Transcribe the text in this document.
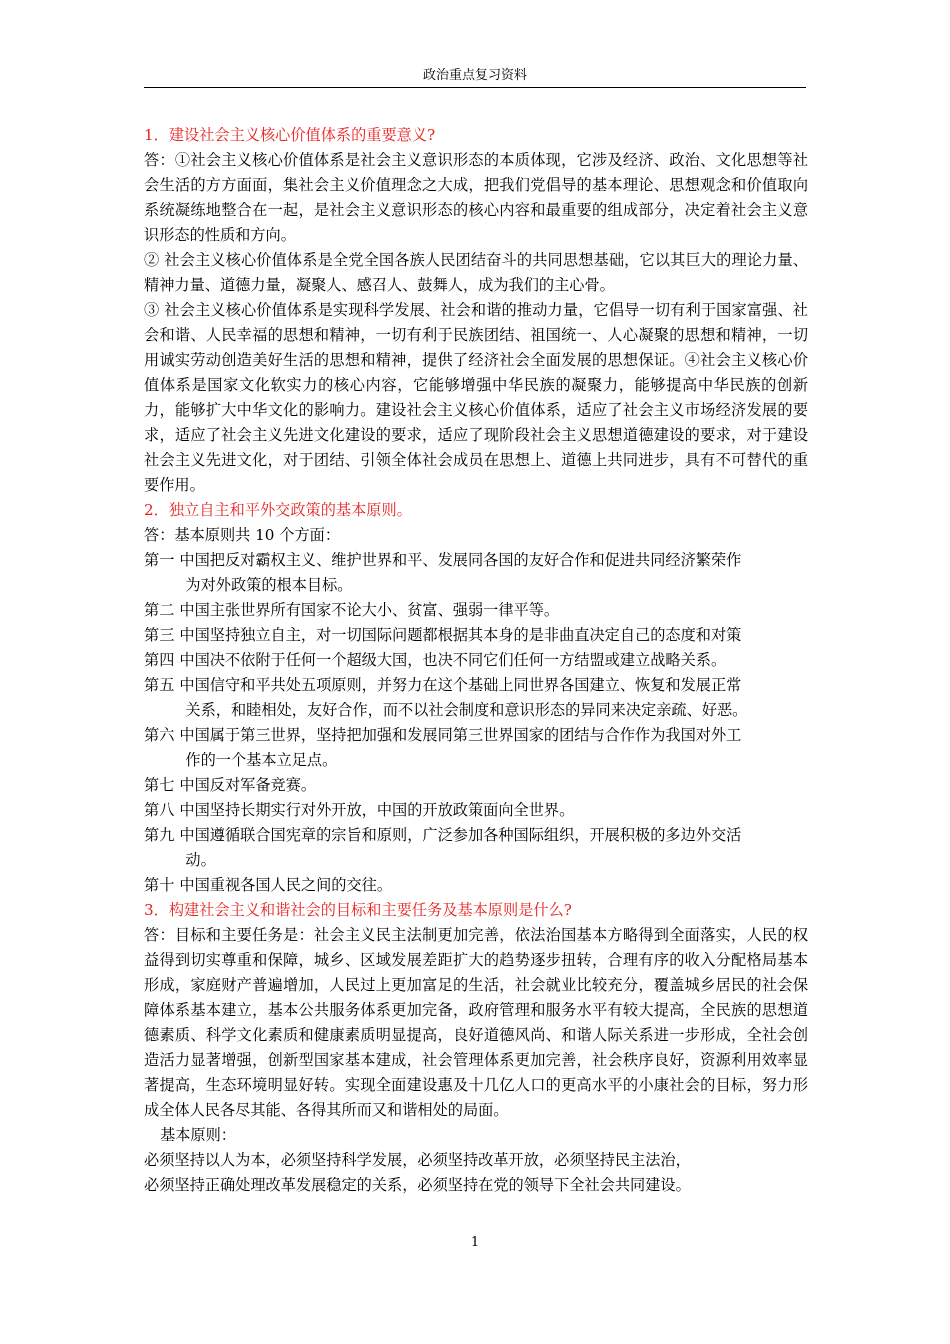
政治重点复习资料

1．建设社会主义核心价值体系的重要意义?

答：①社会主义核心价值体系是社会主义意识形态的本质体现，它涉及经济、政治、文化思想等社会生活的方方面面，集社会主义价值理念之大成，把我们党倡导的基本理论、思想观念和价值取向系统凝练地整合在一起，是社会主义意识形态的核心内容和最重要的组成部分，决定着社会主义意识形态的性质和方向。

② 社会主义核心价值体系是全党全国各族人民团结奋斗的共同思想基础，它以其巨大的理论力量、精神力量、道德力量，凝聚人、感召人、鼓舞人，成为我们的主心骨。

③ 社会主义核心价值体系是实现科学发展、社会和谐的推动力量，它倡导一切有利于国家富强、社会和谐、人民幸福的思想和精神，一切有利于民族团结、祖国统一、人心凝聚的思想和精神，一切用诚实劳动创造美好生活的思想和精神，提供了经济社会全面发展的思想保证。④社会主义核心价值体系是国家文化软实力的核心内容，它能够增强中华民族的凝聚力，能够提高中华民族的创新力，能够扩大中华文化的影响力。建设社会主义核心价值体系，适应了社会主义市场经济发展的要求，适应了社会主义先进文化建设的要求，适应了现阶段社会主义思想道德建设的要求，对于建设社会主义先进文化，对于团结、引领全体社会成员在思想上、道德上共同进步，具有不可替代的重要作用。

2．独立自主和平外交政策的基本原则。

答：基本原则共 10 个方面：

第一 中国把反对霸权主义、维护世界和平、发展同各国的友好合作和促进共同经济繁荣作
为对外政策的根本目标。
第二 中国主张世界所有国家不论大小、贫富、强弱一律平等。
第三 中国坚持独立自主，对一切国际问题都根据其本身的是非曲直决定自己的态度和对策
第四 中国决不依附于任何一个超级大国，也决不同它们任何一方结盟或建立战略关系。
第五 中国信守和平共处五项原则，并努力在这个基础上同世界各国建立、恢复和发展正常
关系，和睦相处，友好合作，而不以社会制度和意识形态的异同来决定亲疏、好恶。
第六 中国属于第三世界，坚持把加强和发展同第三世界国家的团结与合作作为我国对外工
作的一个基本立足点。
第七 中国反对军备竞赛。
第八 中国坚持长期实行对外开放，中国的开放政策面向全世界。
第九 中国遵循联合国宪章的宗旨和原则，广泛参加各种国际组织，开展积极的多边外交活
动。
第十 中国重视各国人民之间的交往。

3．构建社会主义和谐社会的目标和主要任务及基本原则是什么?

答：目标和主要任务是：社会主义民主法制更加完善，依法治国基本方略得到全面落实，人民的权益得到切实尊重和保障，城乡、区域发展差距扩大的趋势逐步扭转，合理有序的收入分配格局基本形成，家庭财产普遍增加，人民过上更加富足的生活，社会就业比较充分，覆盖城乡居民的社会保障体系基本建立，基本公共服务体系更加完备，政府管理和服务水平有较大提高，全民族的思想道德素质、科学文化素质和健康素质明显提高，良好道德风尚、和谐人际关系进一步形成，全社会创造活力显著增强，创新型国家基本建成，社会管理体系更加完善，社会秩序良好，资源利用效率显著提高，生态环境明显好转。实现全面建设惠及十几亿人口的更高水平的小康社会的目标，努力形成全体人民各尽其能、各得其所而又和谐相处的局面。

基本原则：

必须坚持以人为本，必须坚持科学发展，必须坚持改革开放，必须坚持民主法治，

必须坚持正确处理改革发展稳定的关系，必须坚持在党的领导下全社会共同建设。

1
